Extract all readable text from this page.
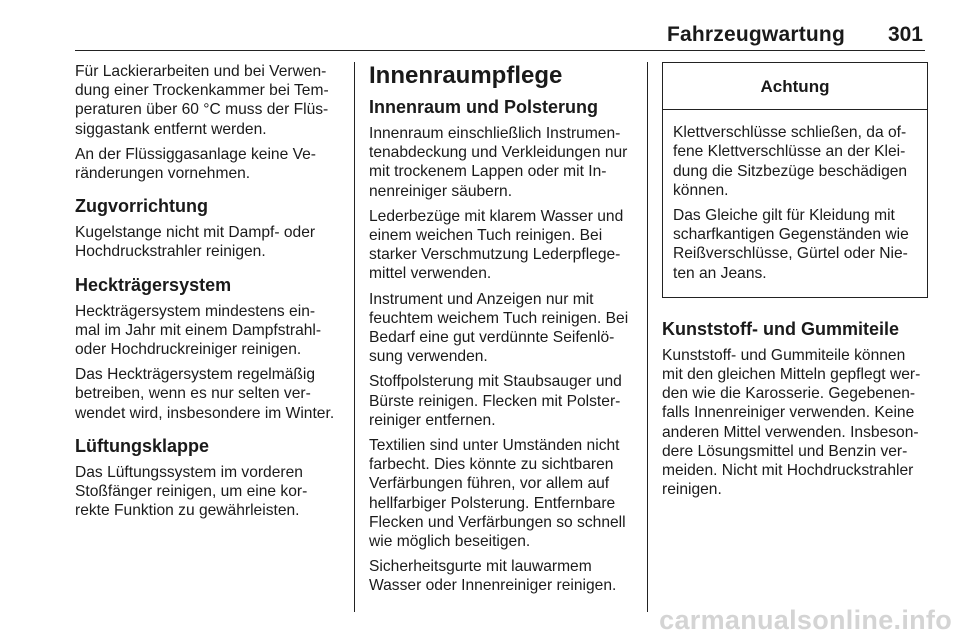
Fahrzeugwartung 301
Für Lackierarbeiten und bei Verwen-
dung einer Trockenkammer bei Tem-
peraturen über 60 °C muss der Flüs-
siggastank entfernt werden.
An der Flüssiggasanlage keine Ve-
ränderungen vornehmen.
Zugvorrichtung
Kugelstange nicht mit Dampf- oder
Hochdruckstrahler reinigen.
Heckträgersystem
Heckträgersystem mindestens ein-
mal im Jahr mit einem Dampfstrahl-
oder Hochdruckreiniger reinigen.
Das Heckträgersystem regelmäßig
betreiben, wenn es nur selten ver-
wendet wird, insbesondere im Winter.
Lüftungsklappe
Das Lüftungssystem im vorderen
Stoßfänger reinigen, um eine kor-
rekte Funktion zu gewährleisten.
Innenraumpflege
Innenraum und Polsterung
Innenraum einschließlich Instrumen-
tenabdeckung und Verkleidungen nur
mit trockenem Lappen oder mit In-
nenreiniger säubern.
Lederbezüge mit klarem Wasser und
einem weichen Tuch reinigen. Bei
starker Verschmutzung Lederpflege-
mittel verwenden.
Instrument und Anzeigen nur mit
feuchtem weichem Tuch reinigen. Bei
Bedarf eine gut verdünnte Seifenlö-
sung verwenden.
Stoffpolsterung mit Staubsauger und
Bürste reinigen. Flecken mit Polster-
reiniger entfernen.
Textilien sind unter Umständen nicht
farbecht. Dies könnte zu sichtbaren
Verfärbungen führen, vor allem auf
hellfarbiger Polsterung. Entfernbare
Flecken und Verfärbungen so schnell
wie möglich beseitigen.
Sicherheitsgurte mit lauwarmem
Wasser oder Innenreiniger reinigen.
Achtung
Klettverschlüsse schließen, da of-
fene Klettverschlüsse an der Klei-
dung die Sitzbezüge beschädigen
können.
Das Gleiche gilt für Kleidung mit
scharfkantigen Gegenständen wie
Reißverschlüsse, Gürtel oder Nie-
ten an Jeans.
Kunststoff- und Gummiteile
Kunststoff- und Gummiteile können
mit den gleichen Mitteln gepflegt wer-
den wie die Karosserie. Gegebenen-
falls Innenreiniger verwenden. Keine
anderen Mittel verwenden. Insbeson-
dere Lösungsmittel und Benzin ver-
meiden. Nicht mit Hochdruckstrahler
reinigen.
carmanualsonline.info
